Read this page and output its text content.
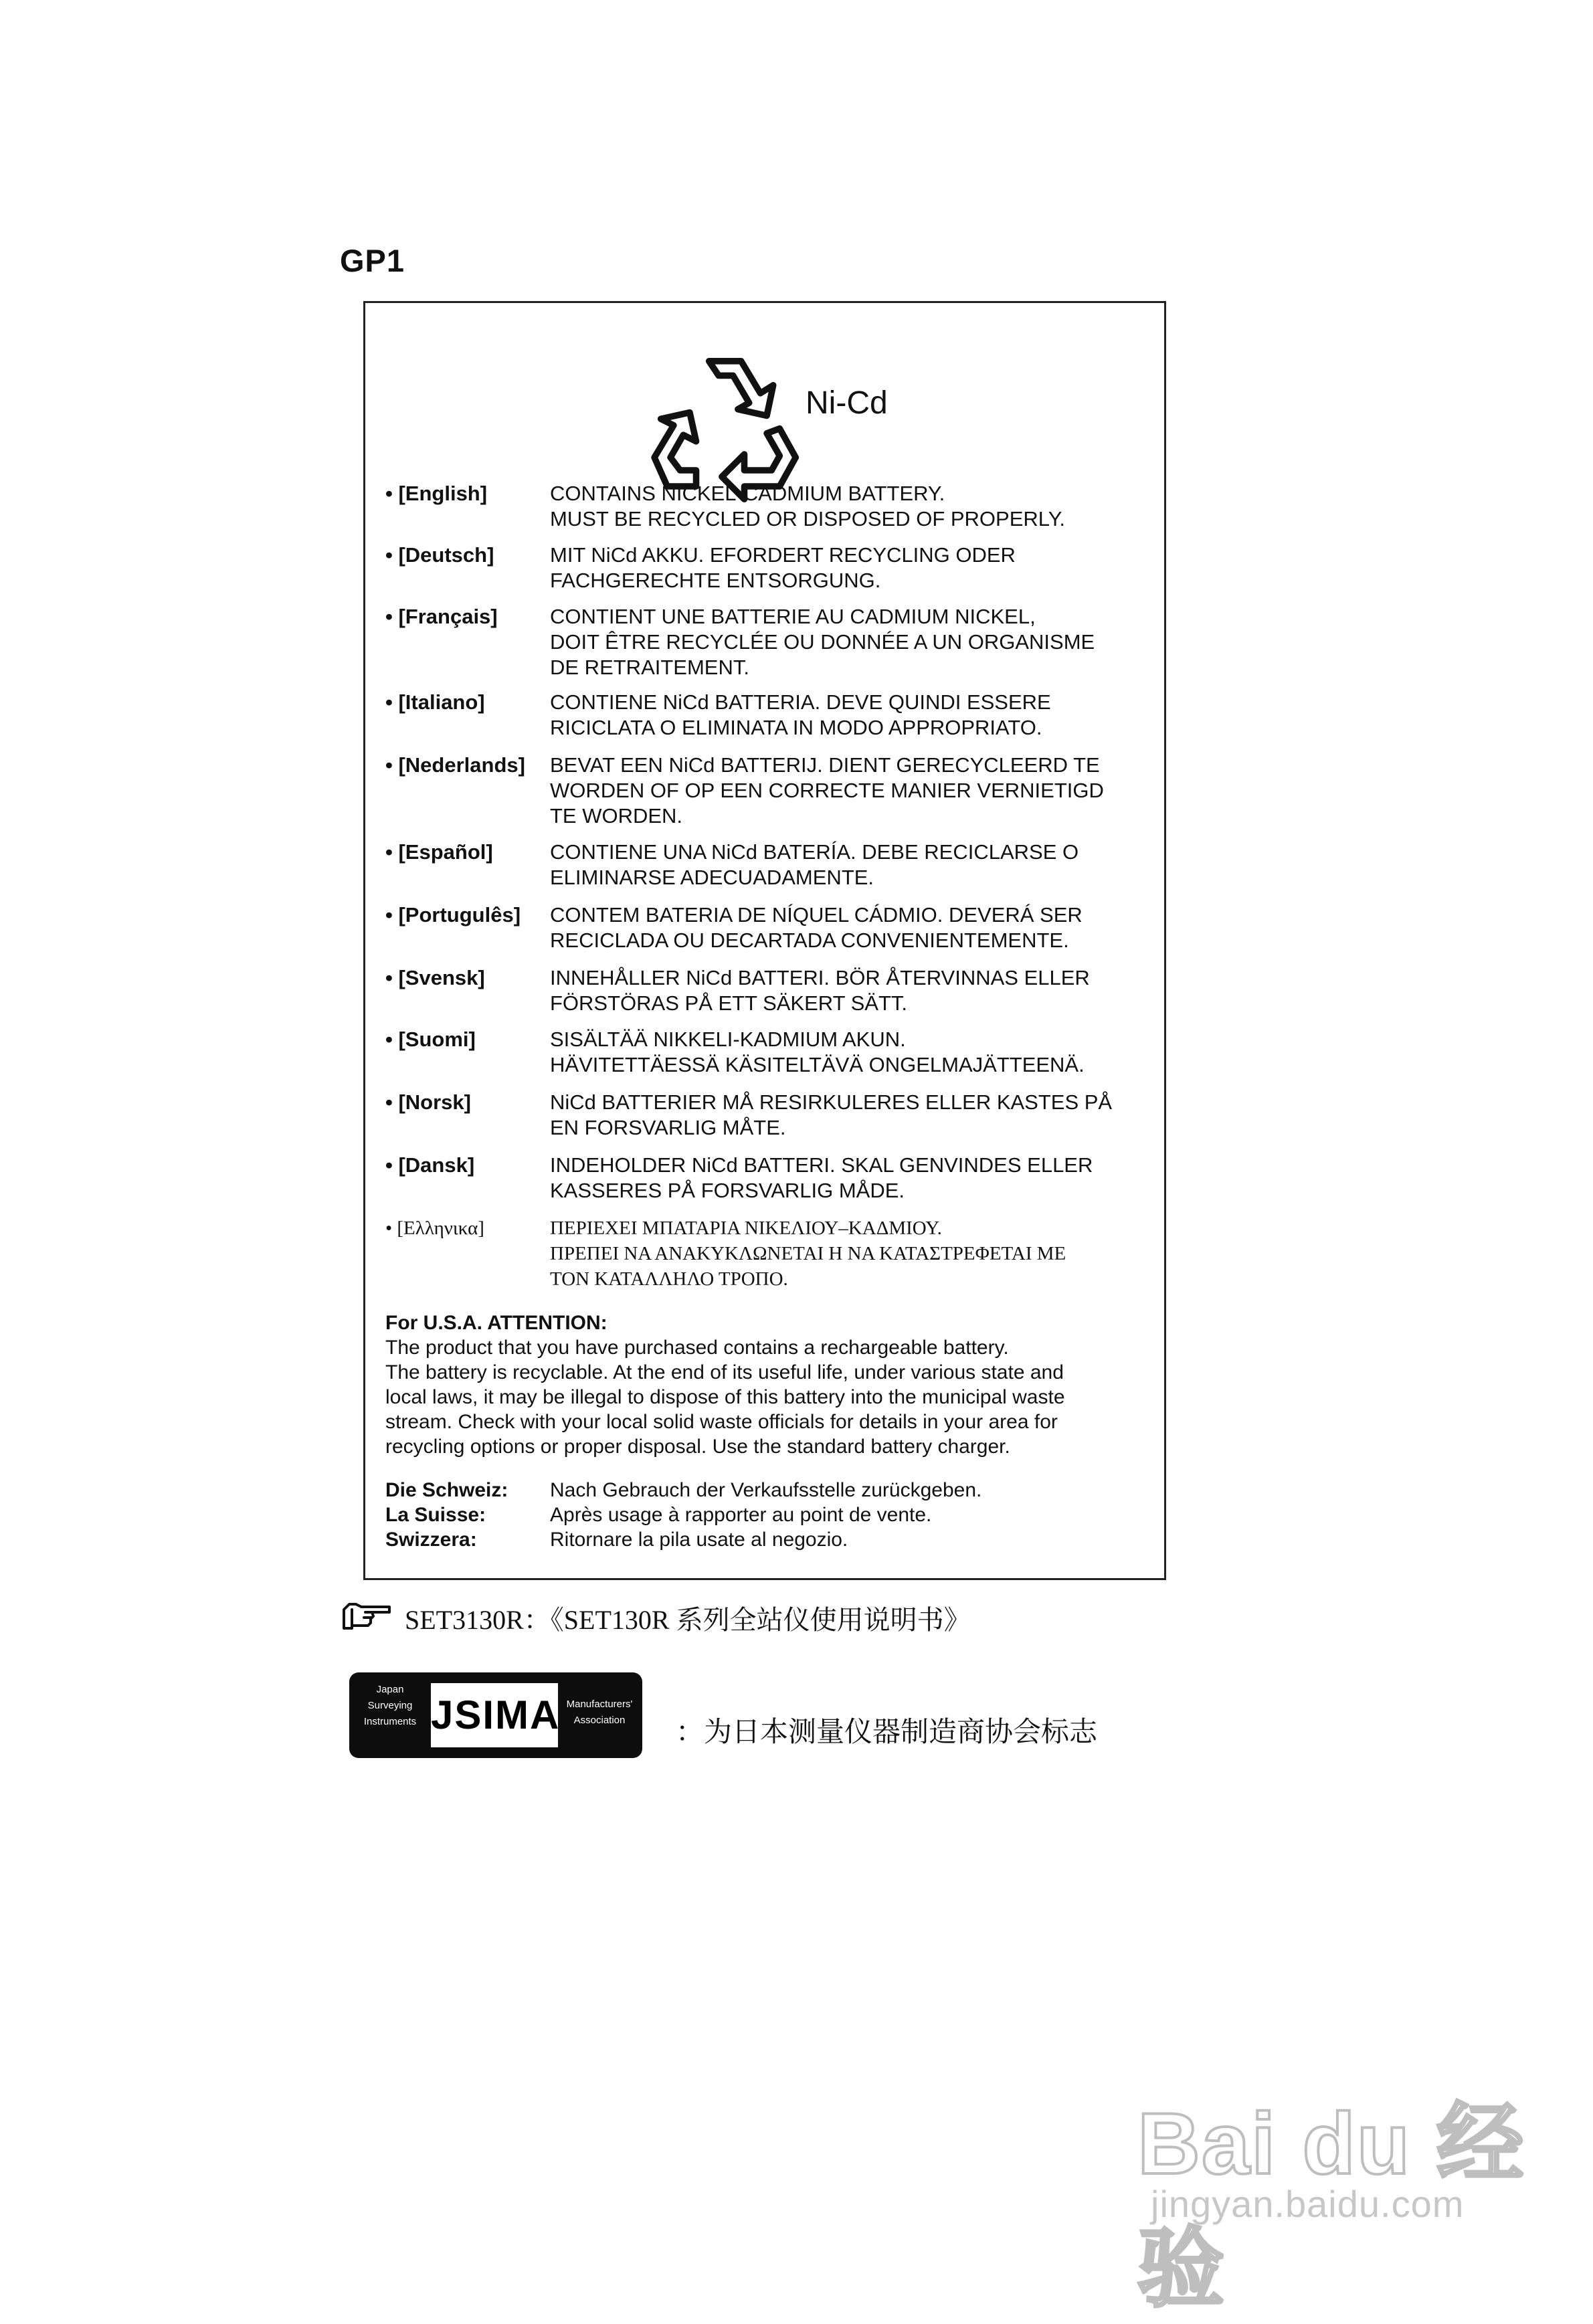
GP1
Ni-Cd
• [English]	CONTAINS NICKEL-CADMIUM BATTERY.
MUST BE RECYCLED OR DISPOSED OF PROPERLY.
• [Deutsch]	MIT NiCd AKKU. EFORDERT RECYCLING ODER
FACHGERECHTE ENTSORGUNG.
• [Français]	CONTIENT UNE BATTERIE AU CADMIUM NICKEL,
DOIT ÊTRE RECYCLÉE OU DONNÉE A UN ORGANISME
DE RETRAITEMENT.
• [Italiano]	CONTIENE NiCd BATTERIA. DEVE QUINDI ESSERE
RICICLATA O ELIMINATA IN MODO APPROPRIATO.
• [Nederlands] BEVAT EEN NiCd BATTERIJ. DIENT GERECYCLEERD TE
WORDEN OF OP EEN CORRECTE MANIER VERNIETIGD
TE WORDEN.
• [Español]	CONTIENE UNA NiCd BATERÍA. DEBE RECICLARSE O
ELIMINARSE ADECUADAMENTE.
• [Portugulês] CONTEM BATERIA DE NÍQUEL CÁDMIO. DEVERÁ SER
RECICLADA OU DECARTADA CONVENIENTEMENTE.
• [Svensk]	INNEHÅLLER NiCd BATTERI. BÖR ÅTERVINNAS ELLER
FÖRSTÖRAS PÅ ETT SÄKERT SÄTT.
• [Suomi]	SISÄLTÄÄ NIKKELI-KADMIUM AKUN.
HÄVITETTÄESSÄ KÄSITELTÄVÄ ONGELMAJÄTTEENÄ.
• [Norsk]	NiCd BATTERIER MÅ RESIRKULERES ELLER KASTES PÅ
EN FORSVARLIG MÅTE.
• [Dansk]	INDEHOLDER NiCd BATTERI. SKAL GENVINDES ELLER
KASSERES PÅ FORSVARLIG MÅDE.
• [Ελληνικα]	ΠΕΡΙΕΧΕΙ ΜΠΑΤΑΡΙΑ ΝΙΚΕΛΙΟΥ–ΚΑΔΜΙΟΥ.
ΠΡΕΠΕΙ ΝΑ ΑΝΑΚΥΚΛΩΝΕΤΑΙ Η ΝΑ ΚΑΤΑΣΤΡΕΦΕΤΑΙ ΜΕ
ΤΟΝ ΚΑΤΑΛΛΗΛΟ ΤΡΟΠΟ.
For U.S.A. ATTENTION:
The product that you have purchased contains a rechargeable battery.
The battery is recyclable. At the end of its useful life, under various state and
local laws, it may be illegal to dispose of this battery into the municipal waste
stream. Check with your local solid waste officials for details in your area for
recycling options or proper disposal. Use the standard battery charger.
Die Schweiz: Nach Gebrauch der Verkaufsstelle zurückgeben.
La Suisse:	Après usage à rapporter au point de vente.
Swizzera:	Ritornare la pila usate al negozio.
SET3130R：《SET130R 系列全站仪使用说明书》
Japan
Surveying
Instruments JSIMA Manufacturers'
Association	：为日本测量仪器制造商协会标志
Bai du 经验
jingyan.baidu.com
